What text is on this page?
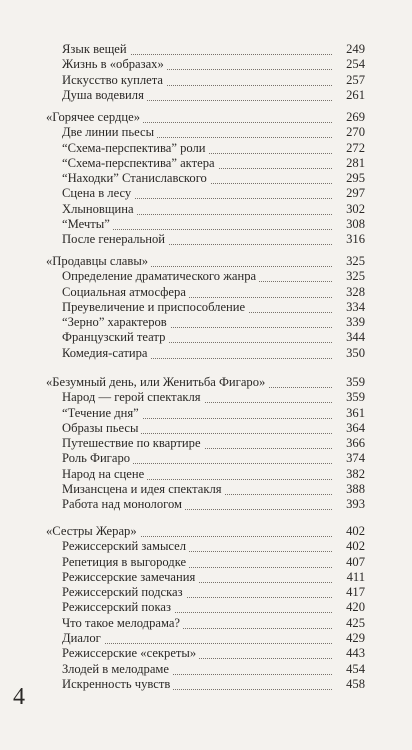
Язык вещей	249
Жизнь в «образах»	254
Искусство куплета	257
Душа водевиля	261
«Горячее сердце»	269
Две линии пьесы	270
“Схема-перспектива” роли	272
“Схема-перспектива” актера	281
“Находки” Станиславского	295
Сцена в лесу	297
Хлыновщина	302
“Мечты”	308
После генеральной	316
«Продавцы славы»	325
Определение драматического жанра	325
Социальная атмосфера	328
Преувеличение и приспособление	334
“Зерно” характеров	339
Французский театр	344
Комедия-сатира	350
«Безумный день, или Женитьба Фигаро»	359
Народ — герой спектакля	359
“Течение дня”	361
Образы пьесы	364
Путешествие по квартире	366
Роль Фигаро	374
Народ на сцене	382
Мизансцена и идея спектакля	388
Работа над монологом	393
«Сестры Жерар»	402
Режиссерский замысел	402
Репетиция в выгородке	407
Режиссерские замечания	411
Режиссерский подсказ	417
Режиссерский показ	420
Что такое мелодрама?	425
Диалог	429
Режиссерские «секреты»	443
Злодей в мелодраме	454
Искренность чувств	458
4
